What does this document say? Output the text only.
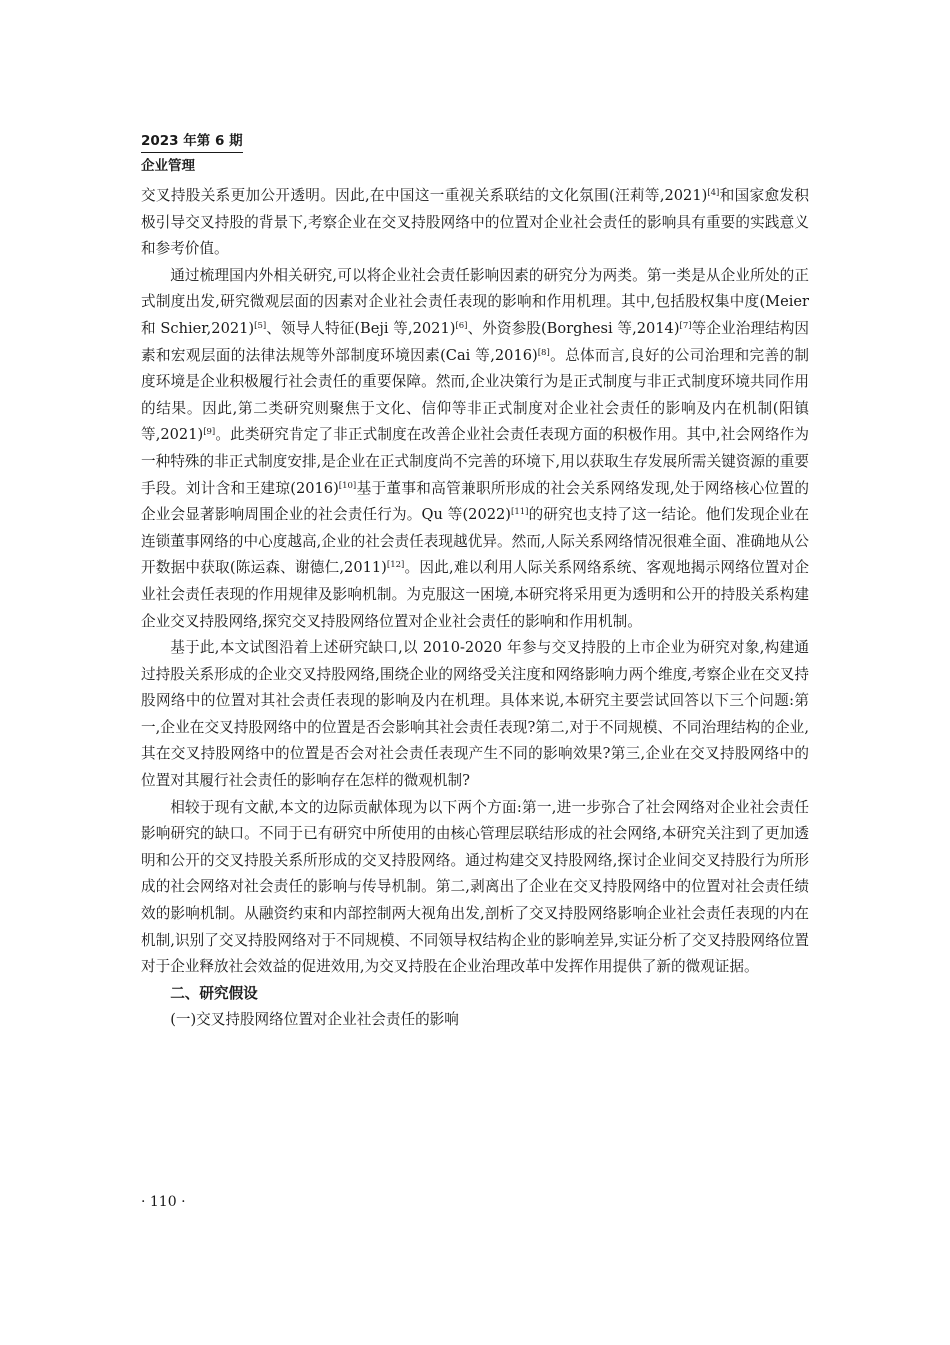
2023 年第 6 期
企业管理

交叉持股关系更加公开透明。因此,在中国这一重视关系联结的文化氛围(汪莉等,2021)[4]和国家愈发积极引导交叉持股的背景下,考察企业在交叉持股网络中的位置对企业社会责任的影响具有重要的实践意义和参考价值。

通过梳理国内外相关研究,可以将企业社会责任影响因素的研究分为两类。第一类是从企业所处的正式制度出发,研究微观层面的因素对企业社会责任表现的影响和作用机理。其中,包括股权集中度(Meier 和 Schier,2021)[5]、领导人特征(Beji 等,2021)[6]、外资参股(Borghesi 等,2014)[7]等企业治理结构因素和宏观层面的法律法规等外部制度环境因素(Cai 等,2016)[8]。总体而言,良好的公司治理和完善的制度环境是企业积极履行社会责任的重要保障。然而,企业决策行为是正式制度与非正式制度环境共同作用的结果。因此,第二类研究则聚焦于文化、信仰等非正式制度对企业社会责任的影响及内在机制(阳镇等,2021)[9]。此类研究肯定了非正式制度在改善企业社会责任表现方面的积极作用。其中,社会网络作为一种特殊的非正式制度安排,是企业在正式制度尚不完善的环境下,用以获取生存发展所需关键资源的重要手段。刘计含和王建琼(2016)[10]基于董事和高管兼职所形成的社会关系网络发现,处于网络核心位置的企业会显著影响周围企业的社会责任行为。Qu 等(2022)[11]的研究也支持了这一结论。他们发现企业在连锁董事网络的中心度越高,企业的社会责任表现越优异。然而,人际关系网络情况很难全面、准确地从公开数据中获取(陈运森、谢德仁,2011)[12]。因此,难以利用人际关系网络系统、客观地揭示网络位置对企业社会责任表现的作用规律及影响机制。为克服这一困境,本研究将采用更为透明和公开的持股关系构建企业交叉持股网络,探究交叉持股网络位置对企业社会责任的影响和作用机制。

基于此,本文试图沿着上述研究缺口,以 2010-2020 年参与交叉持股的上市企业为研究对象,构建通过持股关系形成的企业交叉持股网络,围绕企业的网络受关注度和网络影响力两个维度,考察企业在交叉持股网络中的位置对其社会责任表现的影响及内在机理。具体来说,本研究主要尝试回答以下三个问题:第一,企业在交叉持股网络中的位置是否会影响其社会责任表现?第二,对于不同规模、不同治理结构的企业,其在交叉持股网络中的位置是否会对社会责任表现产生不同的影响效果?第三,企业在交叉持股网络中的位置对其履行社会责任的影响存在怎样的微观机制?

相较于现有文献,本文的边际贡献体现为以下两个方面:第一,进一步弥合了社会网络对企业社会责任影响研究的缺口。不同于已有研究中所使用的由核心管理层联结形成的社会网络,本研究关注到了更加透明和公开的交叉持股关系所形成的交叉持股网络。通过构建交叉持股网络,探讨企业间交叉持股行为所形成的社会网络对社会责任的影响与传导机制。第二,剥离出了企业在交叉持股网络中的位置对社会责任绩效的影响机制。从融资约束和内部控制两大视角出发,剖析了交叉持股网络影响企业社会责任表现的内在机制,识别了交叉持股网络对于不同规模、不同领导权结构企业的影响差异,实证分析了交叉持股网络位置对于企业释放社会效益的促进效用,为交叉持股在企业治理改革中发挥作用提供了新的微观证据。

二、研究假设

(一)交叉持股网络位置对企业社会责任的影响

· 110 ·
